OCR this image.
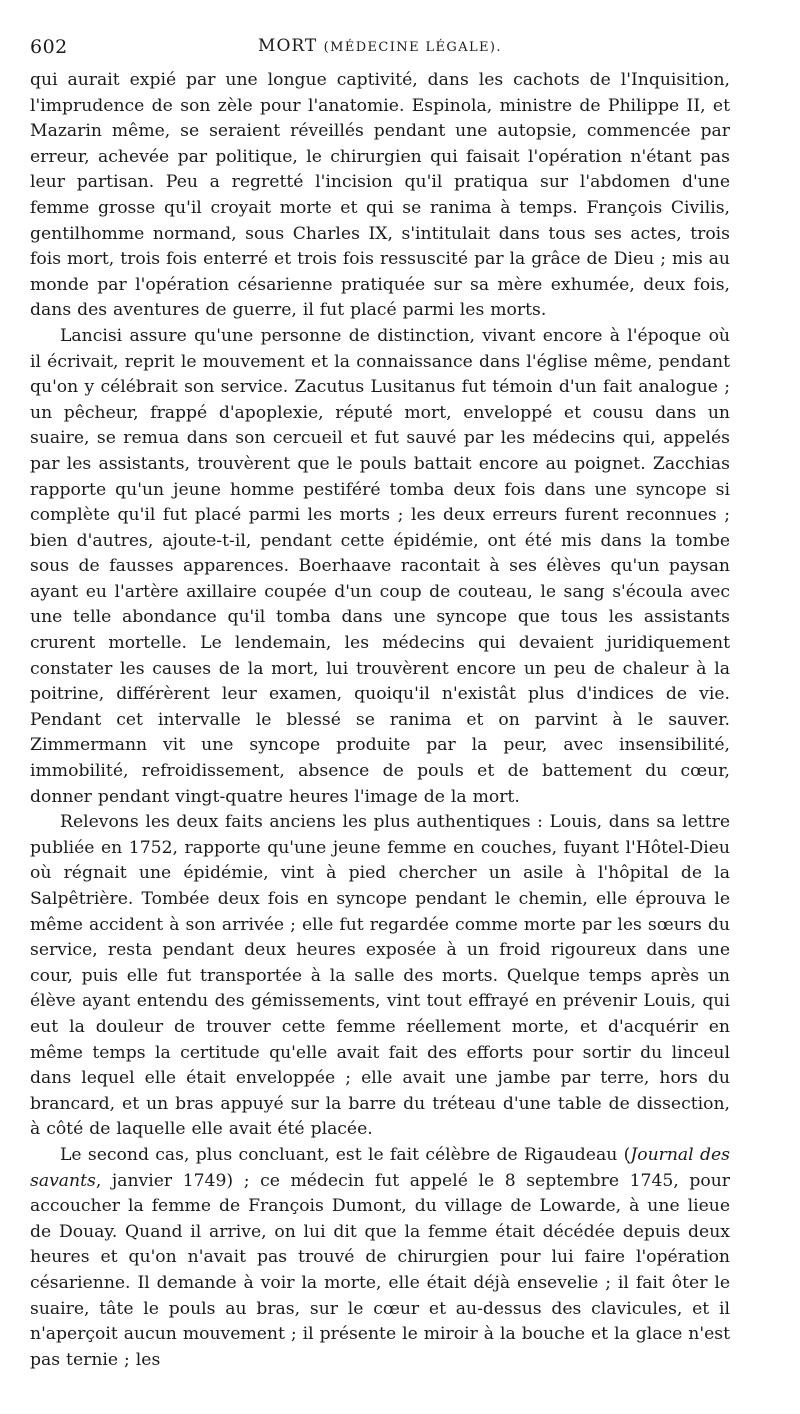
602	MORT (MÉDECINE LÉGALE).

qui aurait expié par une longue captivité, dans les cachots de l'Inquisition, l'imprudence de son zèle pour l'anatomie. Espinola, ministre de Philippe II, et Mazarin même, se seraient réveillés pendant une autopsie, commencée par erreur, achevée par politique, le chirurgien qui faisait l'opération n'étant pas leur partisan. Peu a regretté l'incision qu'il pratiqua sur l'abdomen d'une femme grosse qu'il croyait morte et qui se ranima à temps. François Civilis, gentilhomme normand, sous Charles IX, s'intitulait dans tous ses actes, trois fois mort, trois fois enterré et trois fois ressuscité par la grâce de Dieu ; mis au monde par l'opération césarienne pratiquée sur sa mère exhumée, deux fois, dans des aventures de guerre, il fut placé parmi les morts.

Lancisi assure qu'une personne de distinction, vivant encore à l'époque où il écrivait, reprit le mouvement et la connaissance dans l'église même, pendant qu'on y célébrait son service. Zacutus Lusitanus fut témoin d'un fait analogue ; un pêcheur, frappé d'apoplexie, réputé mort, enveloppé et cousu dans un suaire, se remua dans son cercueil et fut sauvé par les médecins qui, appelés par les assistants, trouvèrent que le pouls battait encore au poignet. Zacchias rapporte qu'un jeune homme pestiféré tomba deux fois dans une syncope si complète qu'il fut placé parmi les morts ; les deux erreurs furent reconnues ; bien d'autres, ajoute-t-il, pendant cette épidémie, ont été mis dans la tombe sous de fausses apparences. Boerhaave racontait à ses élèves qu'un paysan ayant eu l'artère axillaire coupée d'un coup de couteau, le sang s'écoula avec une telle abondance qu'il tomba dans une syncope que tous les assistants crurent mortelle. Le lendemain, les médecins qui devaient juridiquement constater les causes de la mort, lui trouvèrent encore un peu de chaleur à la poitrine, différèrent leur examen, quoiqu'il n'existât plus d'indices de vie. Pendant cet intervalle le blessé se ranima et on parvint à le sauver. Zimmermann vit une syncope produite par la peur, avec insensibilité, immobilité, refroidissement, absence de pouls et de battement du cœur, donner pendant vingt-quatre heures l'image de la mort.

Relevons les deux faits anciens les plus authentiques : Louis, dans sa lettre publiée en 1752, rapporte qu'une jeune femme en couches, fuyant l'Hôtel-Dieu où régnait une épidémie, vint à pied chercher un asile à l'hôpital de la Salpêtrière. Tombée deux fois en syncope pendant le chemin, elle éprouva le même accident à son arrivée ; elle fut regardée comme morte par les sœurs du service, resta pendant deux heures exposée à un froid rigoureux dans une cour, puis elle fut transportée à la salle des morts. Quelque temps après un élève ayant entendu des gémissements, vint tout effrayé en prévenir Louis, qui eut la douleur de trouver cette femme réellement morte, et d'acquérir en même temps la certitude qu'elle avait fait des efforts pour sortir du linceul dans lequel elle était enveloppée ; elle avait une jambe par terre, hors du brancard, et un bras appuyé sur la barre du tréteau d'une table de dissection, à côté de laquelle elle avait été placée.

Le second cas, plus concluant, est le fait célèbre de Rigaudeau (Journal des savants, janvier 1749) ; ce médecin fut appelé le 8 septembre 1745, pour accoucher la femme de François Dumont, du village de Lowarde, à une lieue de Douay. Quand il arrive, on lui dit que la femme était décédée depuis deux heures et qu'on n'avait pas trouvé de chirurgien pour lui faire l'opération césarienne. Il demande à voir la morte, elle était déjà ensevelie ; il fait ôter le suaire, tâte le pouls au bras, sur le cœur et au-dessus des clavicules, et il n'aperçoit aucun mouvement ; il présente le miroir à la bouche et la glace n'est pas ternie ; les
